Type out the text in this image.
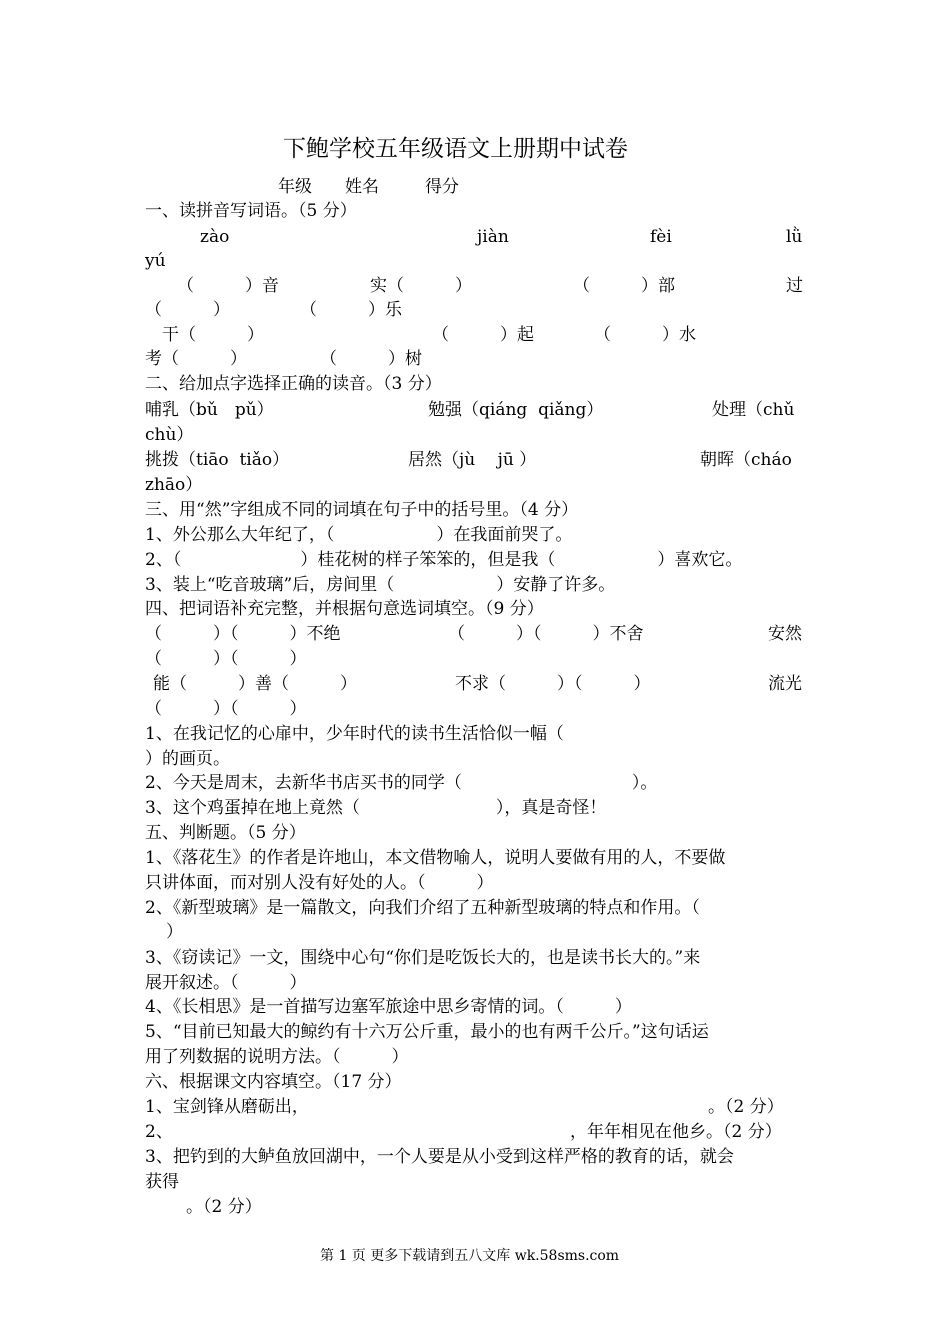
下鲍学校五年级语文上册期中试卷
年级 姓名	得分
一、读拼音写词语。（5 分）
zào	jiàn	fèi	lǜ
yú
（　　　）音	实（　　　）	（　　　）部	过
（　　　）	（　　　）乐
干（　　　）	（　　　）起	（　　　）水
考（　　　）	（　　　）树
二、给加点字选择正确的读音。（3 分）
哺乳（bǔ　pǔ）	勉强（qiáng  qiǎng）	处理（chǔ
chù）
挑拨（tiāo  tiǎo）	居然（jù　 jū ）	朝晖（cháo
zhāo）
三、用“然”字组成不同的词填在句子中的括号里。（4 分）
1、外公那么大年纪了，（　　　　　　）在我面前哭了。
2、（　　　　　　　）桂花树的样子笨笨的，但是我（　　　　　　）喜欢它。
3、装上“吃音玻璃”后，房间里（　　　　　　）安静了许多。
四、把词语补充完整，并根据句意选词填空。（9 分）
（　　　）（　　　）不绝	（　　　）（　　　）不舍	安然
（　　　）（　　　）
能（　　　）善（　　　）	不求（　　　）（　　　）	流光
（　　　）（　　　）
1、在我记忆的心扉中，少年时代的读书生活恰似一幅（
）的画页。
2、今天是周末，去新华书店买书的同学（　　　　　　　　　　）。
3、这个鸡蛋掉在地上竟然（　　　　　　　　），真是奇怪！
五、判断题。（5 分）
1、《落花生》的作者是许地山，本文借物喻人，说明人要做有用的人，不要做
只讲体面，而对别人没有好处的人。（　　　）
2、《新型玻璃》是一篇散文，向我们介绍了五种新型玻璃的特点和作用。（
）
3、《窃读记》一文，围绕中心句“你们是吃饭长大的，也是读书长大的。”来
展开叙述。（　　　）
4、《长相思》是一首描写边塞军旅途中思乡寄情的词。（　　　）
5、“目前已知最大的鲸约有十六万公斤重，最小的也有两千公斤。”这句话运
用了列数据的说明方法。（　　　）
六、根据课文内容填空。（17 分）
1、宝剑锋从磨砺出，	。（2 分）
2、	，年年相见在他乡。（2 分）
3、把钓到的大鲈鱼放回湖中，一个人要是从小受到这样严格的教育的话，就会
获得
。（2 分）
第 1 页 更多下载请到五八文库 wk.58sms.com
